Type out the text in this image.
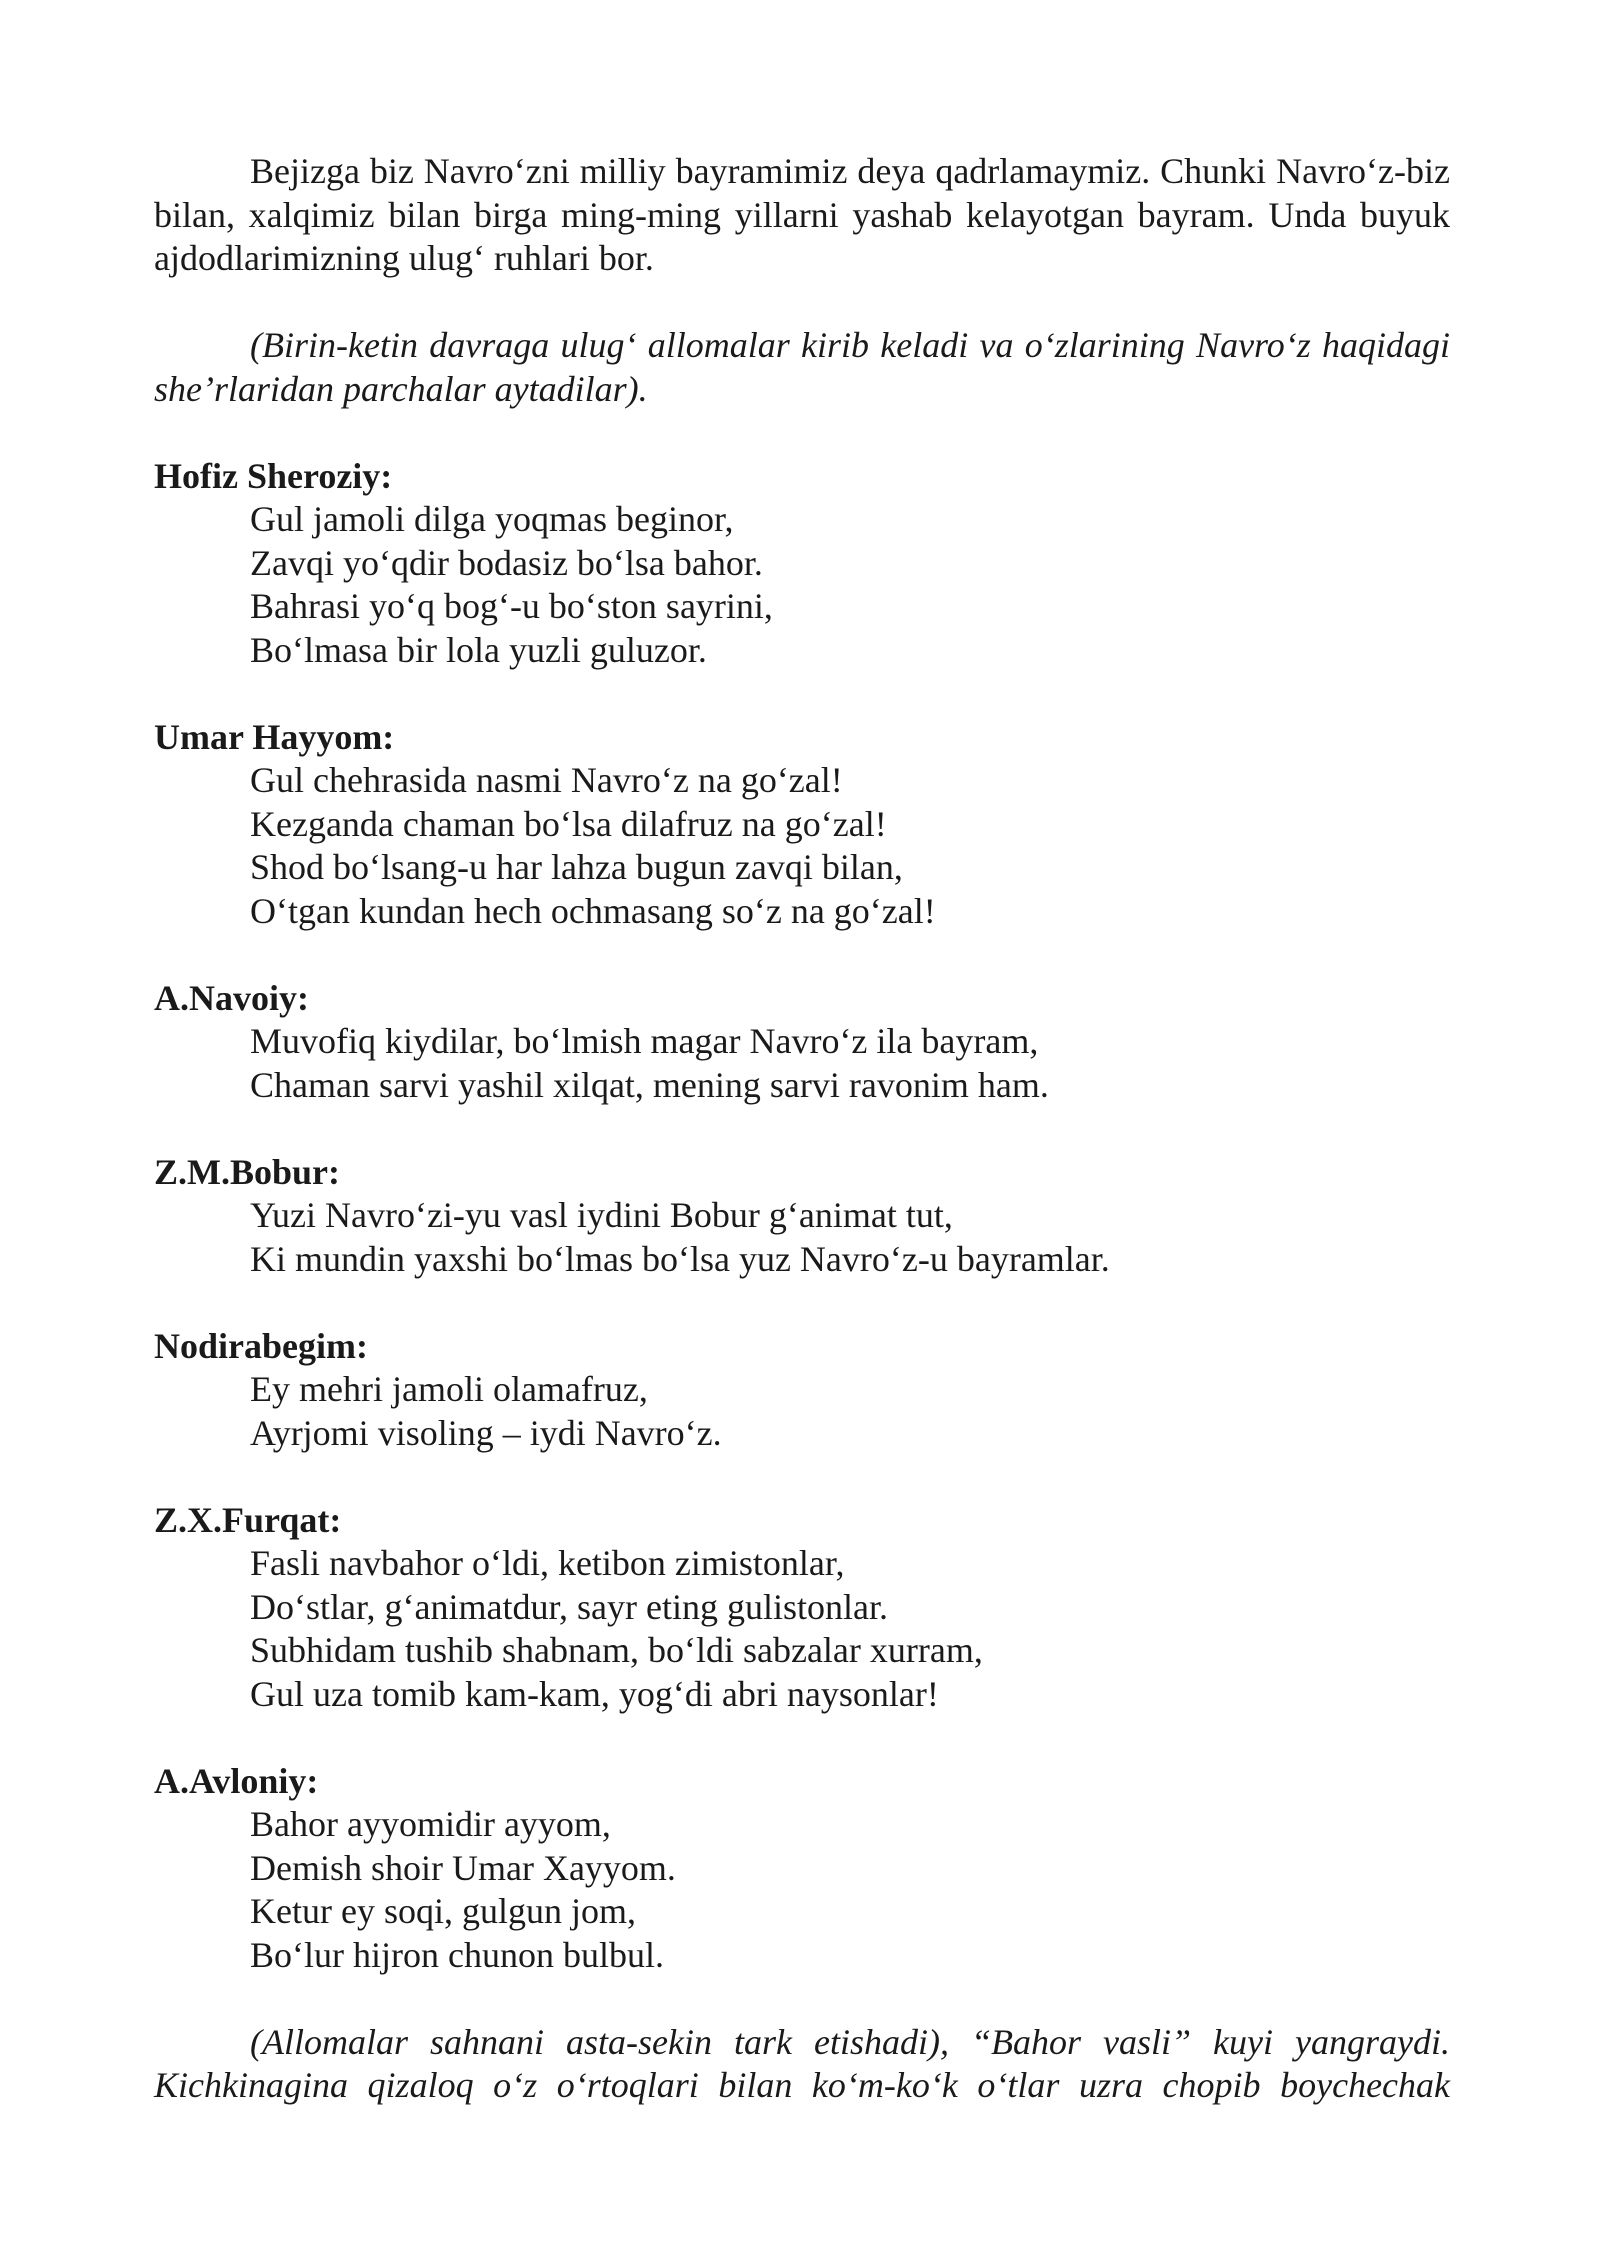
Bejizga biz Navro‘zni milliy bayramimiz deya qadrlamaymiz. Chunki Navro‘z-biz bilan, xalqimiz bilan birga ming-ming yillarni yashab kelayotgan bayram. Unda buyuk ajdodlarimizning ulug‘ ruhlari bor.

(Birin-ketin davraga ulug‘ allomalar kirib keladi va o‘zlarining Navro‘z haqidagi she’rlaridan parchalar aytadilar).

Hofiz Sheroziy:

Gul jamoli dilga yoqmas beginor,
Zavqi yo‘qdir bodasiz bo‘lsa bahor.
Bahrasi yo‘q bog‘-u bo‘ston sayrini,
Bo‘lmasa bir lola yuzli guluzor.

Umar Hayyom:

Gul chehrasida nasmi Navro‘z na go‘zal!
Kezganda chaman bo‘lsa dilafruz na go‘zal!
Shod bo‘lsang-u har lahza bugun zavqi bilan,
O‘tgan kundan hech ochmasang so‘z na go‘zal!

A.Navoiy:

Muvofiq kiydilar, bo‘lmish magar Navro‘z ila bayram,
Chaman sarvi yashil xilqat, mening sarvi ravonim ham.

Z.M.Bobur:

Yuzi Navro‘zi-yu vasl iydini Bobur g‘animat tut,
Ki mundin yaxshi bo‘lmas bo‘lsa yuz Navro‘z-u bayramlar.

Nodirabegim:

Ey mehri jamoli olamafruz,
Ayrjomi visoling – iydi Navro‘z.

Z.X.Furqat:

Fasli navbahor o‘ldi, ketibon zimistonlar,
Do‘stlar, g‘animatdur, sayr eting gulistonlar.
Subhidam tushib shabnam, bo‘ldi sabzalar xurram,
Gul uza tomib kam-kam, yog‘di abri naysonlar!

A.Avloniy:

Bahor ayyomidir ayyom,
Demish shoir Umar Xayyom.
Ketur ey soqi, gulgun jom,
Bo‘lur hijron chunon bulbul.

(Allomalar sahnani asta-sekin tark etishadi), “Bahor vasli” kuyi yangraydi. Kichkinagina qizaloq o‘z o‘rtoqlari bilan ko‘m-ko‘k o‘tlar uzra chopib boychechak
